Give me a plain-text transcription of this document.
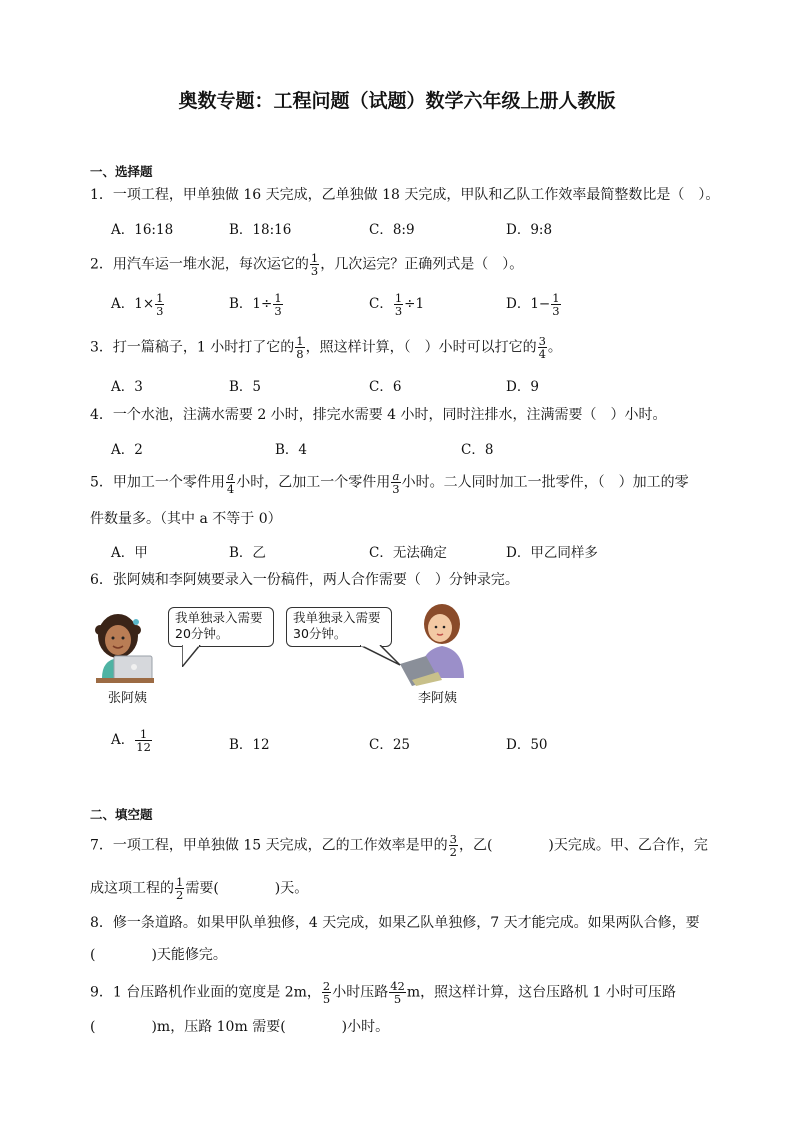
奥数专题：工程问题（试题）数学六年级上册人教版
一、选择题
1．一项工程，甲单独做 16 天完成，乙单独做 18 天完成，甲队和乙队工作效率最简整数比是（　）。
A．16:18	B．18:16	C．8:9	D．9:8
2．用汽车运一堆水泥，每次运它的 $\frac{1}{3}$ ，几次运完？正确列式是（　）。
A．$1\times \frac{1}{3}$	B．$1\div \frac{1}{3}$	C． $\frac{1}{3} \div 1$	D．$1- \frac{1}{3}$
3．打一篇稿子，1 小时打了它的 $\frac{1}{8}$ ，照这样计算，（　）小时可以打它的 $\frac{3}{4}$ 。
A．3	B．5	C．6	D．9
4．一个水池，注满水需要 2 小时，排完水需要 4 小时，同时注排水，注满需要（　）小时。
A．2	B．4	C．8
5．甲加工一个零件用 $\frac{a}{4}$ 小时，乙加工一个零件用 $\frac{a}{3}$ 小时。二人同时加工一批零件，（　）加工的零
件数量多。（其中 a 不等于 0）
A．甲	B．乙	C．无法确定	D．甲乙同样多
6．张阿姨和李阿姨要录入一份稿件，两人合作需要（　）分钟录完。
我单独录入需要20分钟。
张阿姨
我单独录入需要30分钟。
李阿姨
A． $\frac{1}{12}$	B．12	C．25	D．50
二、填空题
7．一项工程，甲单独做 15 天完成，乙的工作效率是甲的 $\frac{3}{2}$ ，乙(　　　　)天完成。甲、乙合作，完
成这项工程的 $\frac{1}{2}$ 需要(　　　　)天。
8．修一条道路。如果甲队单独修，4 天完成，如果乙队单独修，7 天才能完成。如果两队合修，要
(　　　　)天能修完。
9．1 台压路机作业面的宽度是 2m， $\frac{2}{5}$ 小时压路 $\frac{42}{5}$ m，照这样计算，这台压路机 1 小时可压路
(　　　　)m，压路 10m 需要(　　　　)小时。
